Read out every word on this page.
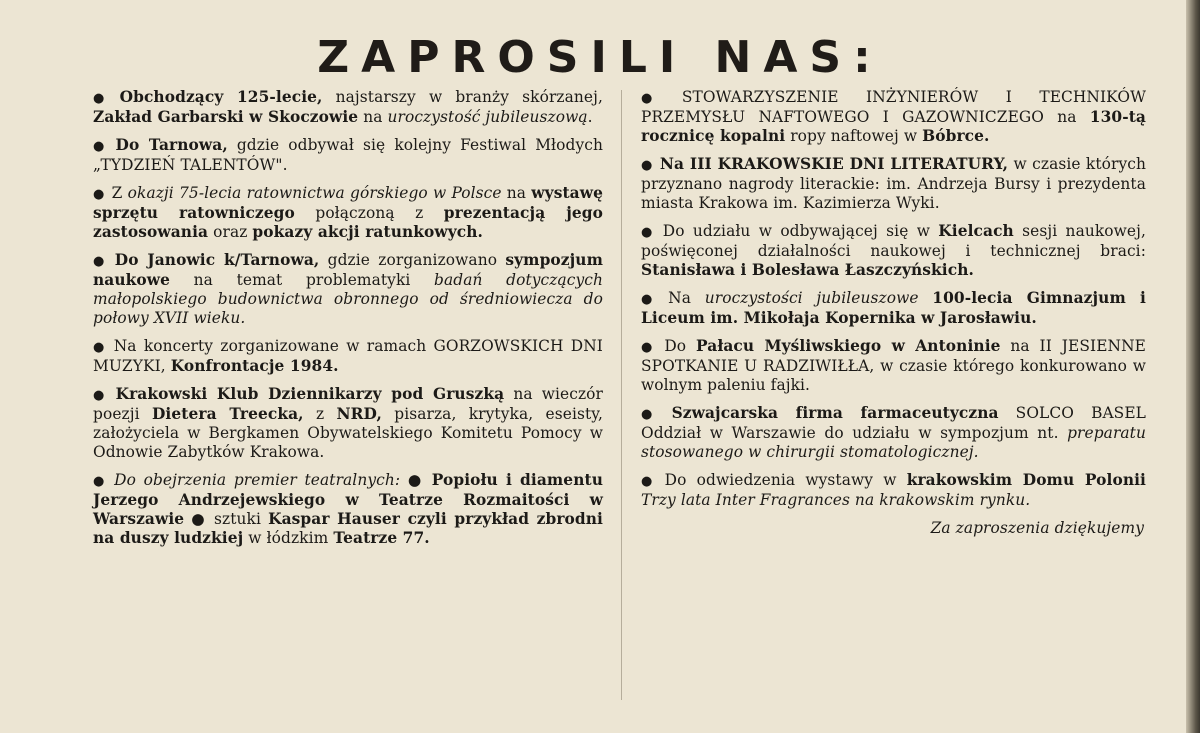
ZAPROSILI NAS:

● Obchodzący 125-lecie, najstarszy w branży skórzanej, Zakład Garbarski w Skoczowie na uroczystość jubileuszową.

● Do Tarnowa, gdzie odbywał się kolejny Festiwal Młodych „TYDZIEŃ TALENTÓW".

● Z okazji 75-lecia ratownictwa górskiego w Polsce na wystawę sprzętu ratowniczego połączoną z prezentacją jego zastosowania oraz pokazy akcji ratunkowych.

● Do Janowic k/Tarnowa, gdzie zorganizowano sympozjum naukowe na temat problematyki badań dotyczących małopolskiego budownictwa obronnego od średniowiecza do połowy XVII wieku.

● Na koncerty zorganizowane w ramach GORZOWSKICH DNI MUZYKI, Konfrontacje 1984.

● Krakowski Klub Dziennikarzy pod Gruszką na wieczór poezji Dietera Treecka, z NRD, pisarza, krytyka, eseisty, założyciela w Bergkamen Obywatelskiego Komitetu Pomocy w Odnowie Zabytków Krakowa.

● Do obejrzenia premier teatralnych: ● Popiołu i diamentu Jerzego Andrzejewskiego w Teatrze Rozmaitości w Warszawie ● sztuki Kaspar Hauser czyli przykład zbrodni na duszy ludzkiej w łódzkim Teatrze 77.

● STOWARZYSZENIE INŻYNIERÓW I TECHNIKÓW PRZEMYSŁU NAFTOWEGO I GAZOWNICZEGO na 130-tą rocznicę kopalni ropy naftowej w Bóbrce.

● Na III KRAKOWSKIE DNI LITERATURY, w czasie których przyznano nagrody literackie: im. Andrzeja Bursy i prezydenta miasta Krakowa im. Kazimierza Wyki.

● Do udziału w odbywającej się w Kielcach sesji naukowej, poświęconej działalności naukowej i technicznej braci: Stanisława i Bolesława Łaszczyńskich.

● Na uroczystości jubileuszowe 100-lecia Gimnazjum i Liceum im. Mikołaja Kopernika w Jarosławiu.

● Do Pałacu Myśliwskiego w Antoninie na II JESIENNE SPOTKANIE U RADZIWIŁŁA, w czasie którego konkurowano w wolnym paleniu fajki.

● Szwajcarska firma farmaceutyczna SOLCO BASEL Oddział w Warszawie do udziału w sympozjum nt. preparatu stosowanego w chirurgii stomatologicznej.

● Do odwiedzenia wystawy w krakowskim Domu Polonii Trzy lata Inter Fragrances na krakowskim rynku.

Za zaproszenia dziękujemy
